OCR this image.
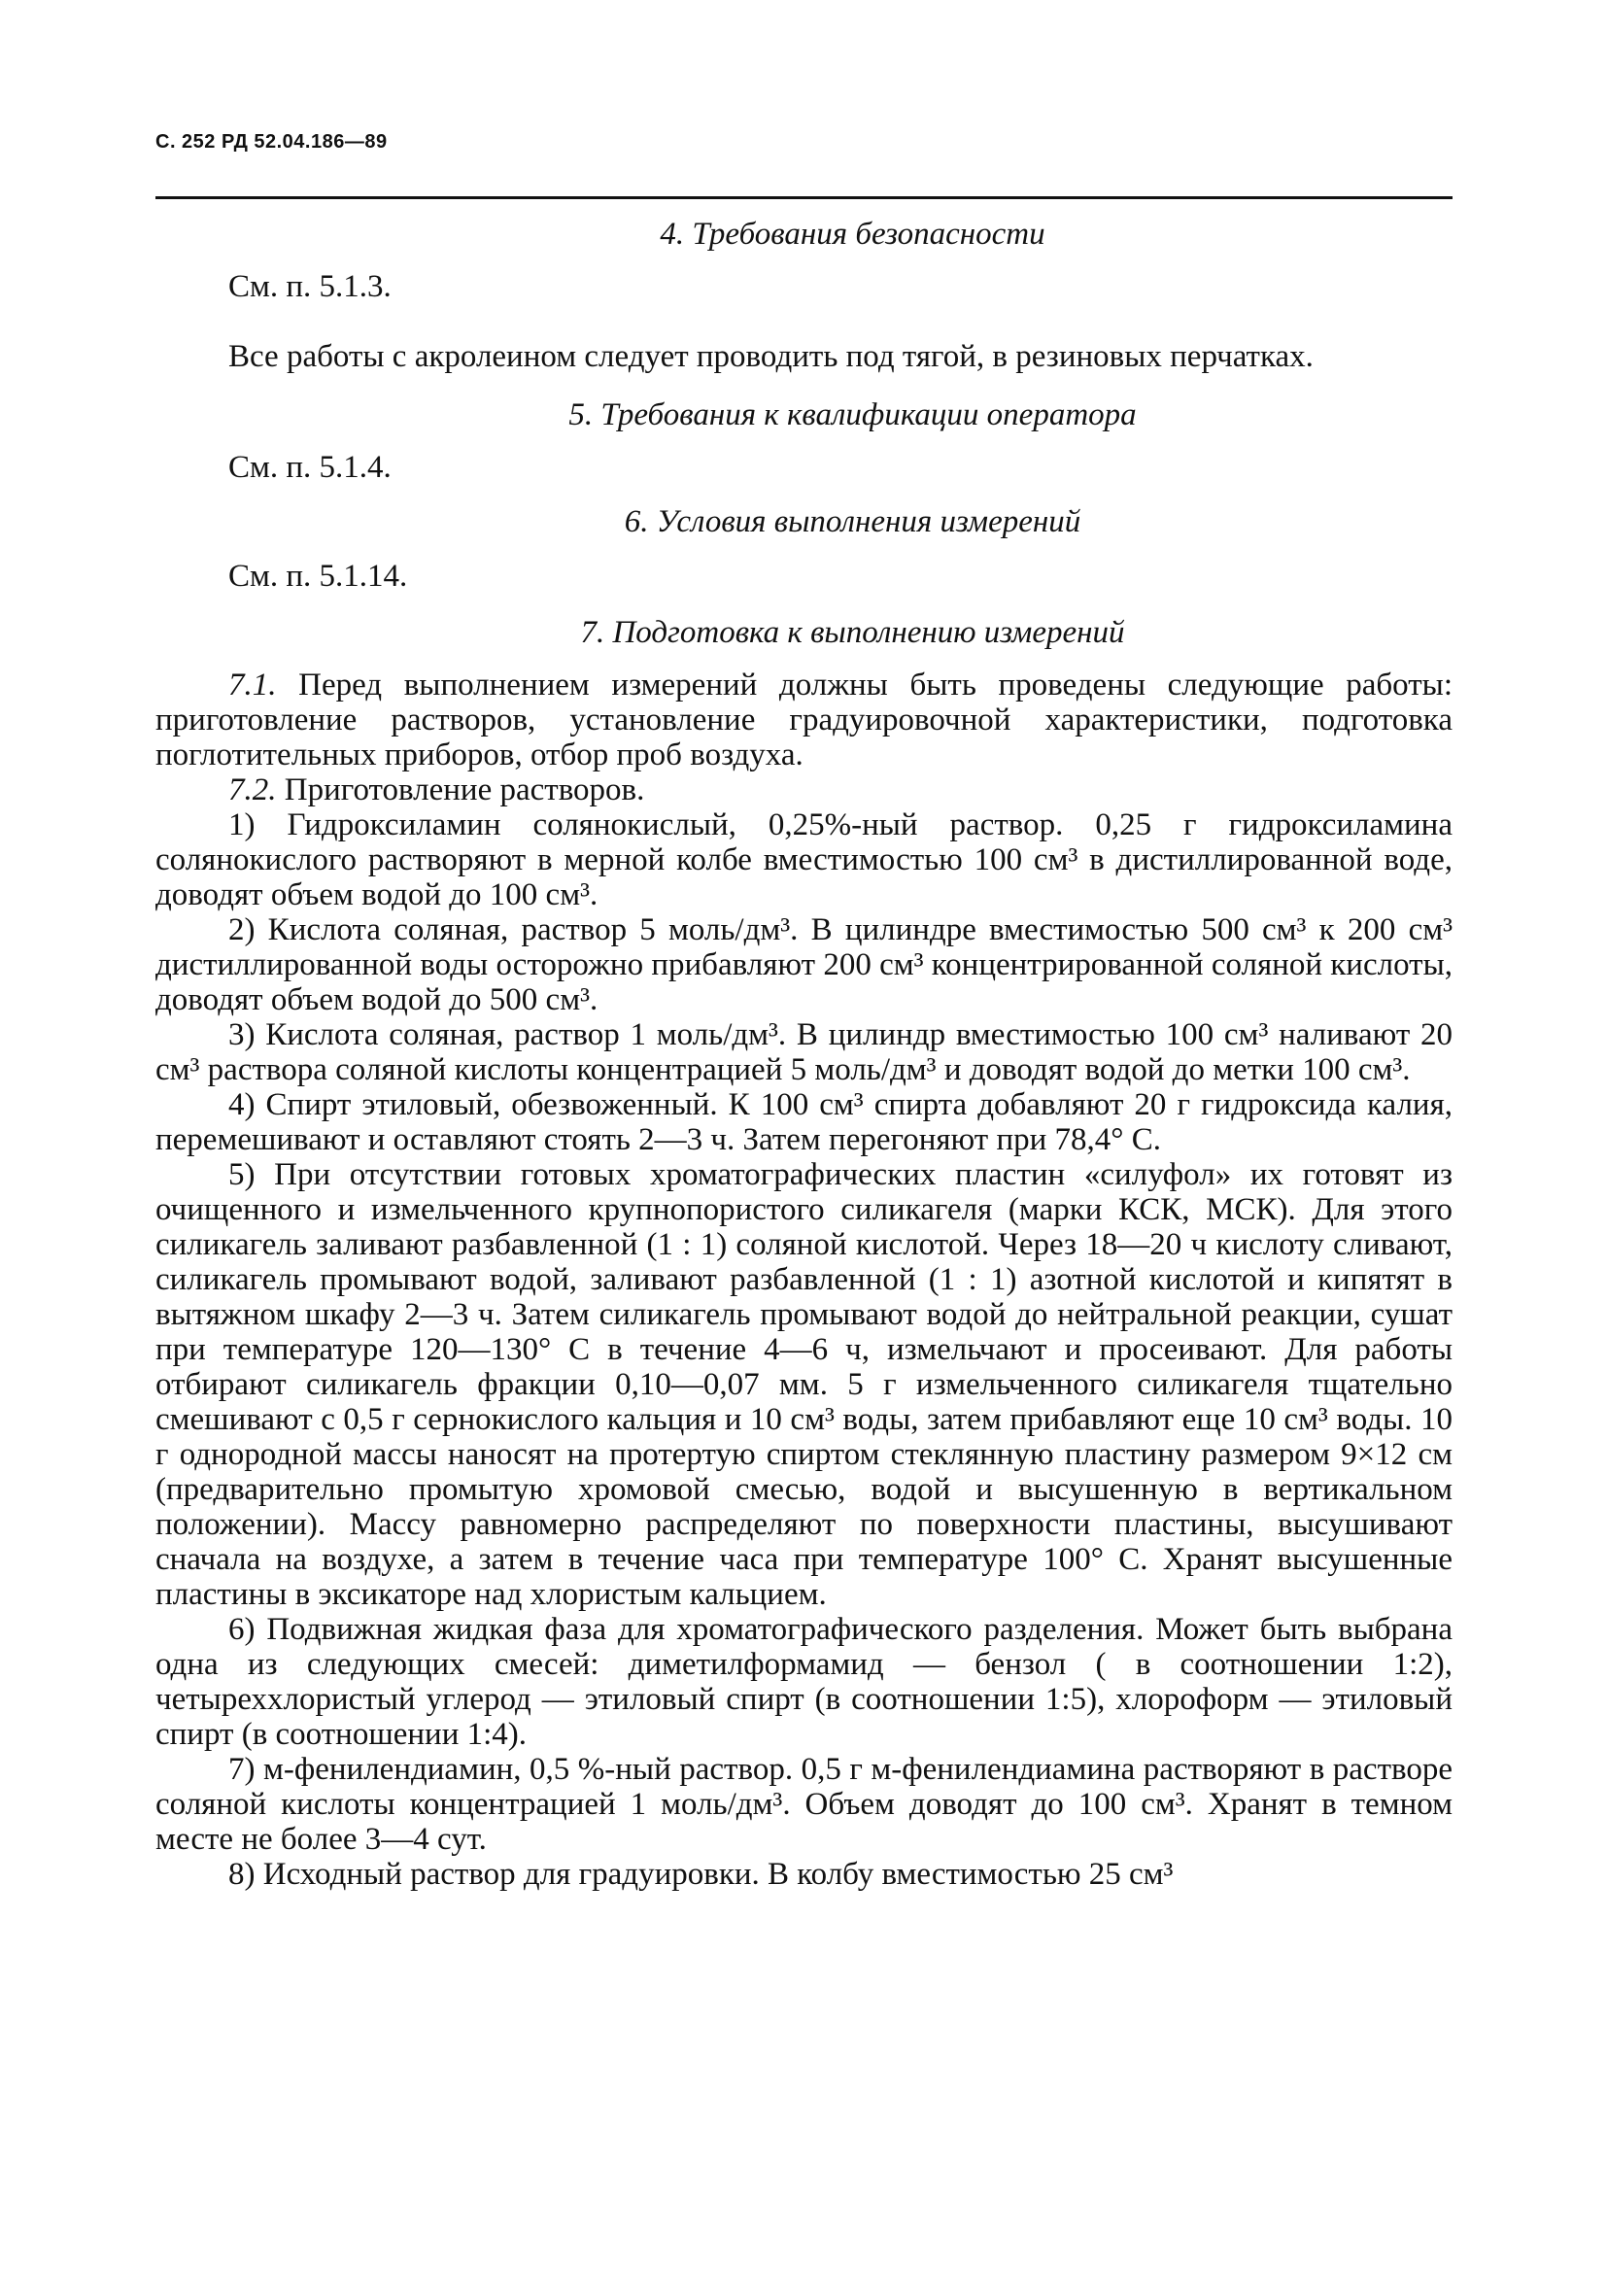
С. 252 РД 52.04.186—89
4. Требования безопасности
См. п. 5.1.3.

Все работы с акролеином следует проводить под тягой, в резиновых перчатках.

5. Требования к квалификации оператора
См. п. 5.1.4.
6. Условия выполнения измерений
См. п. 5.1.14.
7. Подготовка к выполнению измерений

7.1. Перед выполнением измерений должны быть проведены следующие работы: приготовление растворов, установление градуировочной характеристики, подготовка поглотительных приборов, отбор проб воздуха.

7.2. Приготовление растворов.

1) Гидроксиламин солянокислый, 0,25%-ный раствор. 0,25 г гидроксиламина солянокислого растворяют в мерной колбе вместимостью 100 см³ в дистиллированной воде, доводят объем водой до 100 см³.

2) Кислота соляная, раствор 5 моль/дм³. В цилиндре вместимостью 500 см³ к 200 см³ дистиллированной воды осторожно прибавляют 200 см³ концентрированной соляной кислоты, доводят объем водой до 500 см³.

3) Кислота соляная, раствор 1 моль/дм³. В цилиндр вместимостью 100 см³ наливают 20 см³ раствора соляной кислоты концентрацией 5 моль/дм³ и доводят водой до метки 100 см³.

4) Спирт этиловый, обезвоженный. К 100 см³ спирта добавляют 20 г гидроксида калия, перемешивают и оставляют стоять 2—3 ч. Затем перегоняют при 78,4° С.

5) При отсутствии готовых хроматографических пластин «силуфол» их готовят из очищенного и измельченного крупнопористого силикагеля (марки КСК, МСК). Для этого силикагель заливают разбавленной (1 : 1) соляной кислотой. Через 18—20 ч кислоту сливают, силикагель промывают водой, заливают разбавленной (1 : 1) азотной кислотой и кипятят в вытяжном шкафу 2—3 ч. Затем силикагель промывают водой до нейтральной реакции, сушат при температуре 120—130° С в течение 4—6 ч, измельчают и просеивают. Для работы отбирают силикагель фракции 0,10—0,07 мм. 5 г измельченного силикагеля тщательно смешивают с 0,5 г сернокислого кальция и 10 см³ воды, затем прибавляют еще 10 см³ воды. 10 г однородной массы наносят на протертую спиртом стеклянную пластину размером 9×12 см (предварительно промытую хромовой смесью, водой и высушенную в вертикальном положении). Массу равномерно распределяют по поверхности пластины, высушивают сначала на воздухе, а затем в течение часа при температуре 100° С. Хранят высушенные пластины в эксикаторе над хлористым кальцием.

6) Подвижная жидкая фаза для хроматографического разделения. Может быть выбрана одна из следующих смесей: диметилформамид — бензол ( в соотношении 1:2), четыреххлористый углерод — этиловый спирт (в соотношении 1:5), хлороформ — этиловый спирт (в соотношении 1:4).

7) м-фенилендиамин, 0,5 %-ный раствор. 0,5 г м-фенилендиамина растворяют в растворе соляной кислоты концентрацией 1 моль/дм³. Объем доводят до 100 см³. Хранят в темном месте не более 3—4 сут.

8) Исходный раствор для градуировки. В колбу вместимостью 25 см³
